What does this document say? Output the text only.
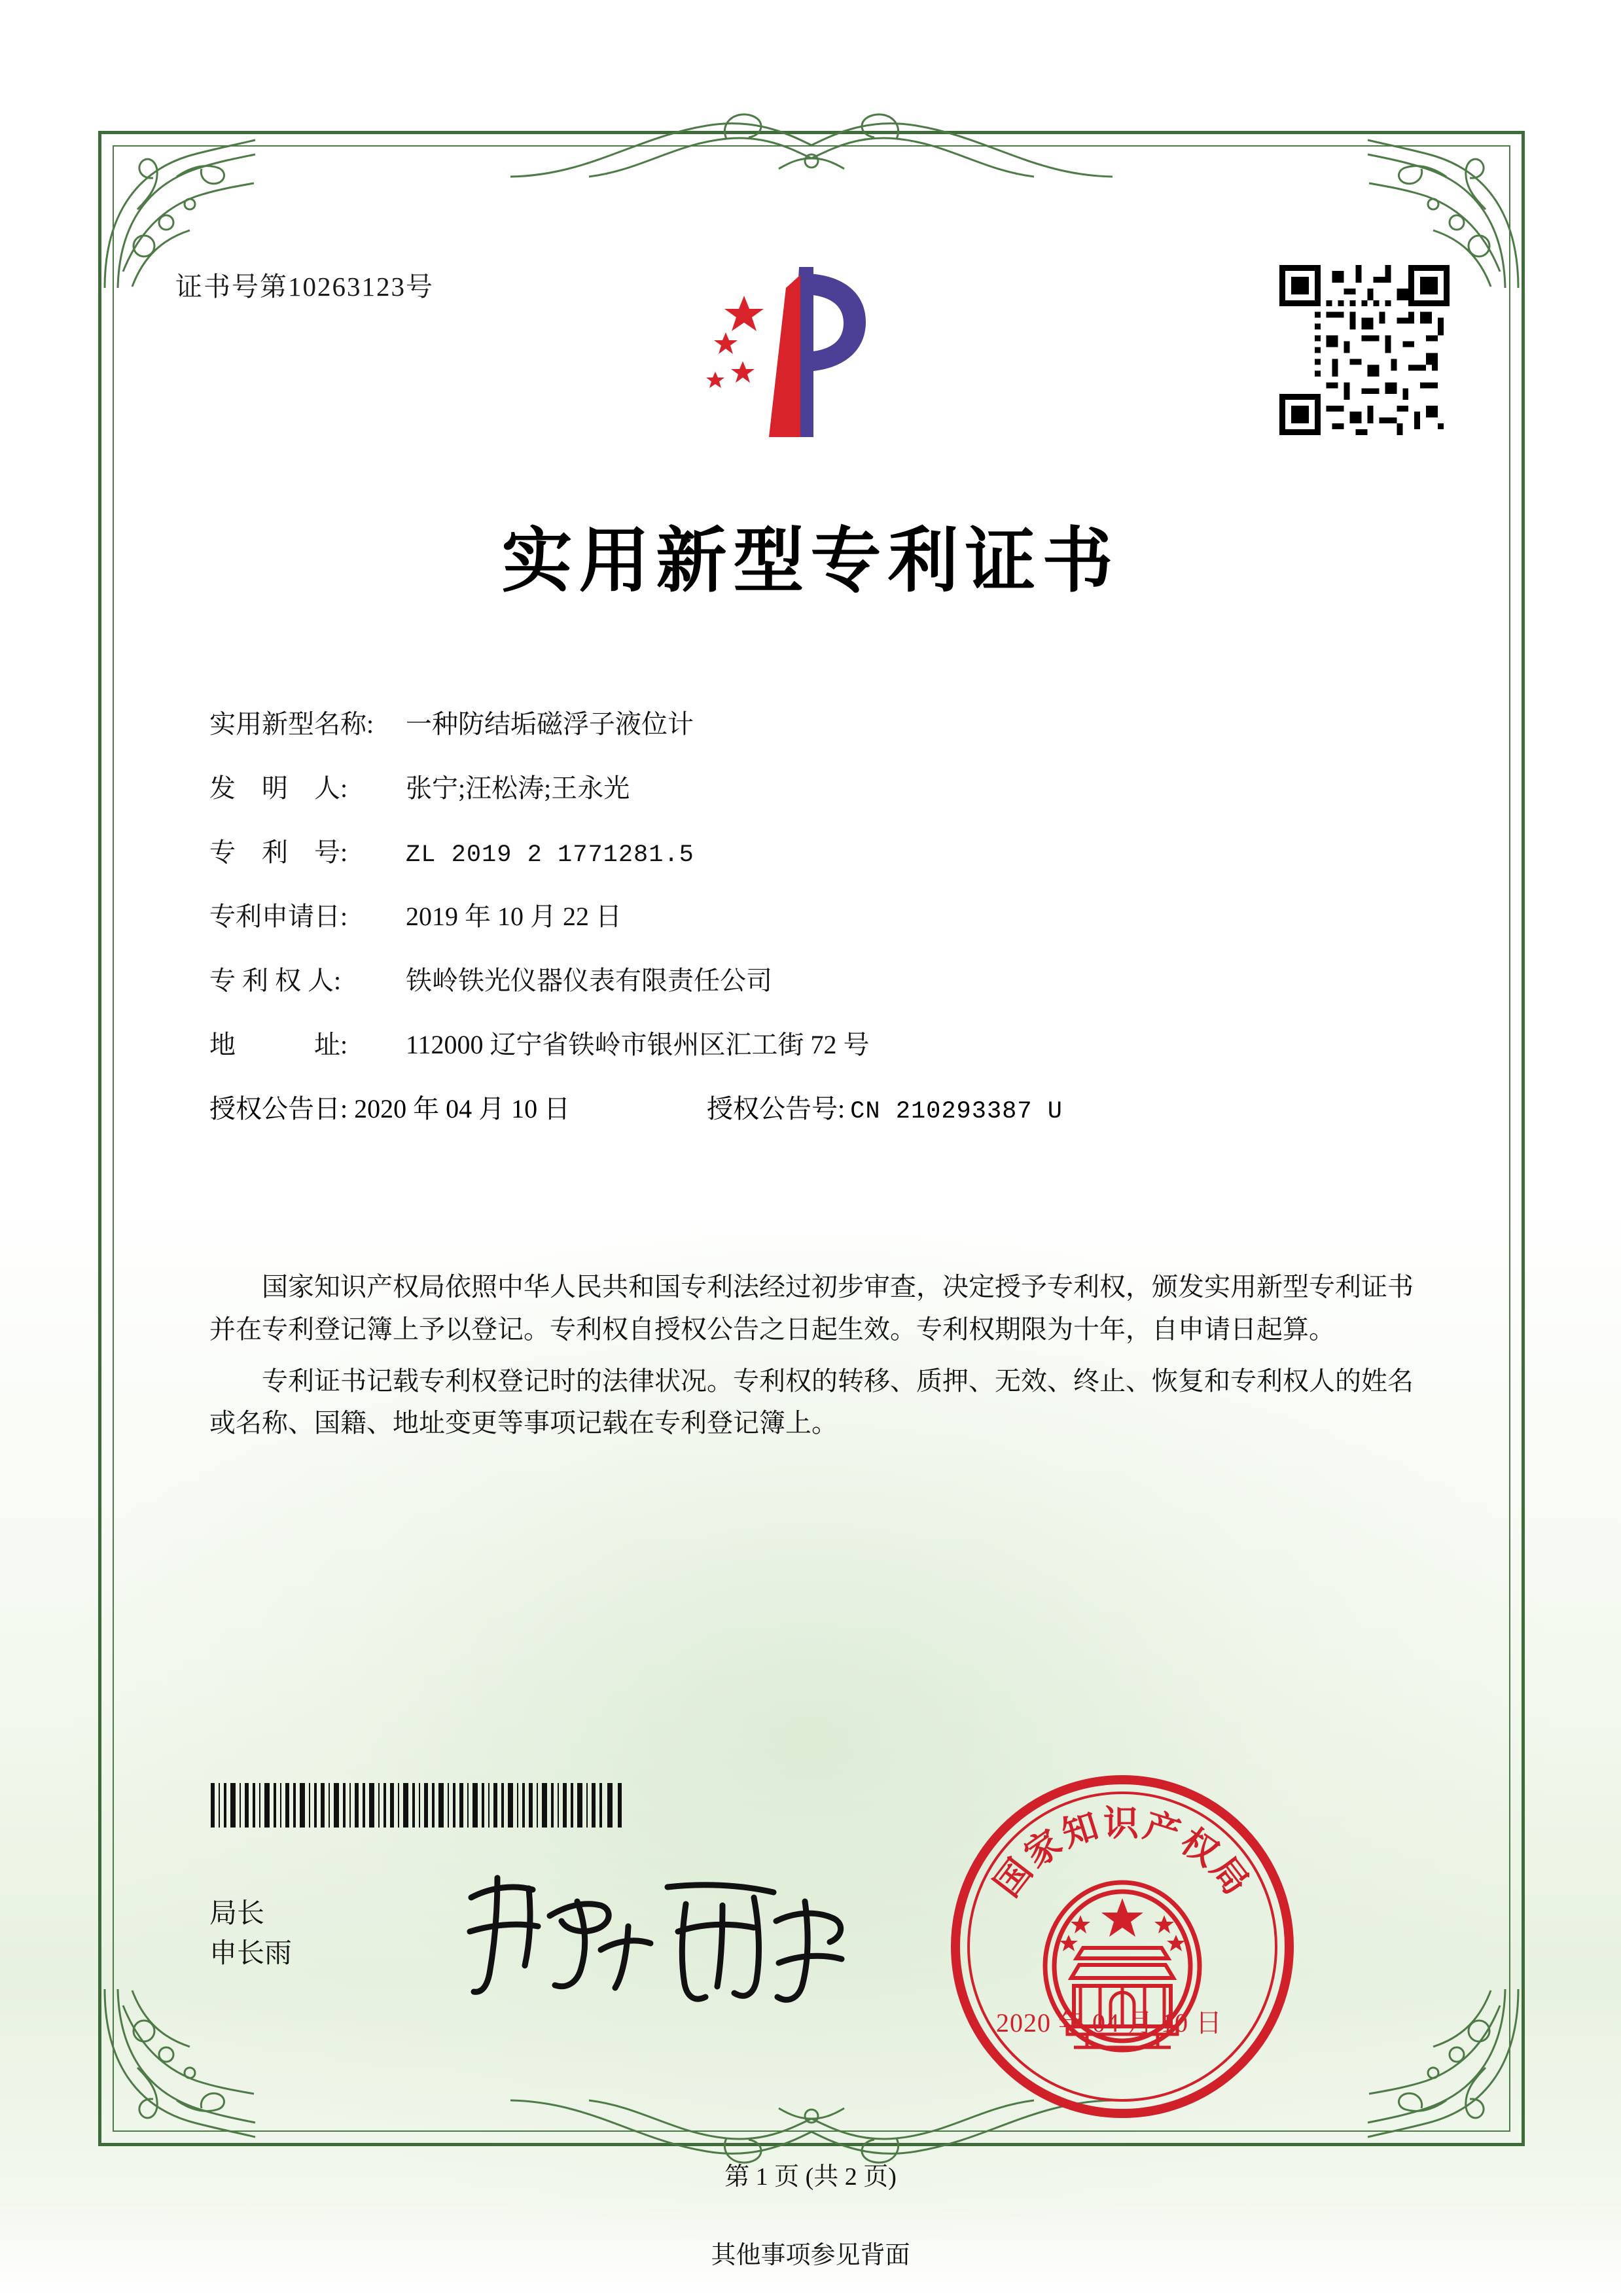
证书号第10263123号
实用新型专利证书
实用新型名称:	一种防结垢磁浮子液位计
发　明　人:	张宁;汪松涛;王永光
专　利　号:	ZL 2019 2 1771281.5
专利申请日:	2019 年 10 月 22 日
专 利 权 人:	铁岭铁光仪器仪表有限责任公司
地　　　址:	112000 辽宁省铁岭市银州区汇工街 72 号
授权公告日: 2020 年 04 月 10 日	授权公告号: CN 210293387 U

国家知识产权局依照中华人民共和国专利法经过初步审查，决定授予专利权，颁发实用新型专利证书并在专利登记簿上予以登记。专利权自授权公告之日起生效。专利权期限为十年，自申请日起算。

专利证书记载专利权登记时的法律状况。专利权的转移、质押、无效、终止、恢复和专利权人的姓名或名称、国籍、地址变更等事项记载在专利登记簿上。

局长
申长雨
国家知识产权局
2020 年 04 月 10 日
第 1 页 (共 2 页)
其他事项参见背面
